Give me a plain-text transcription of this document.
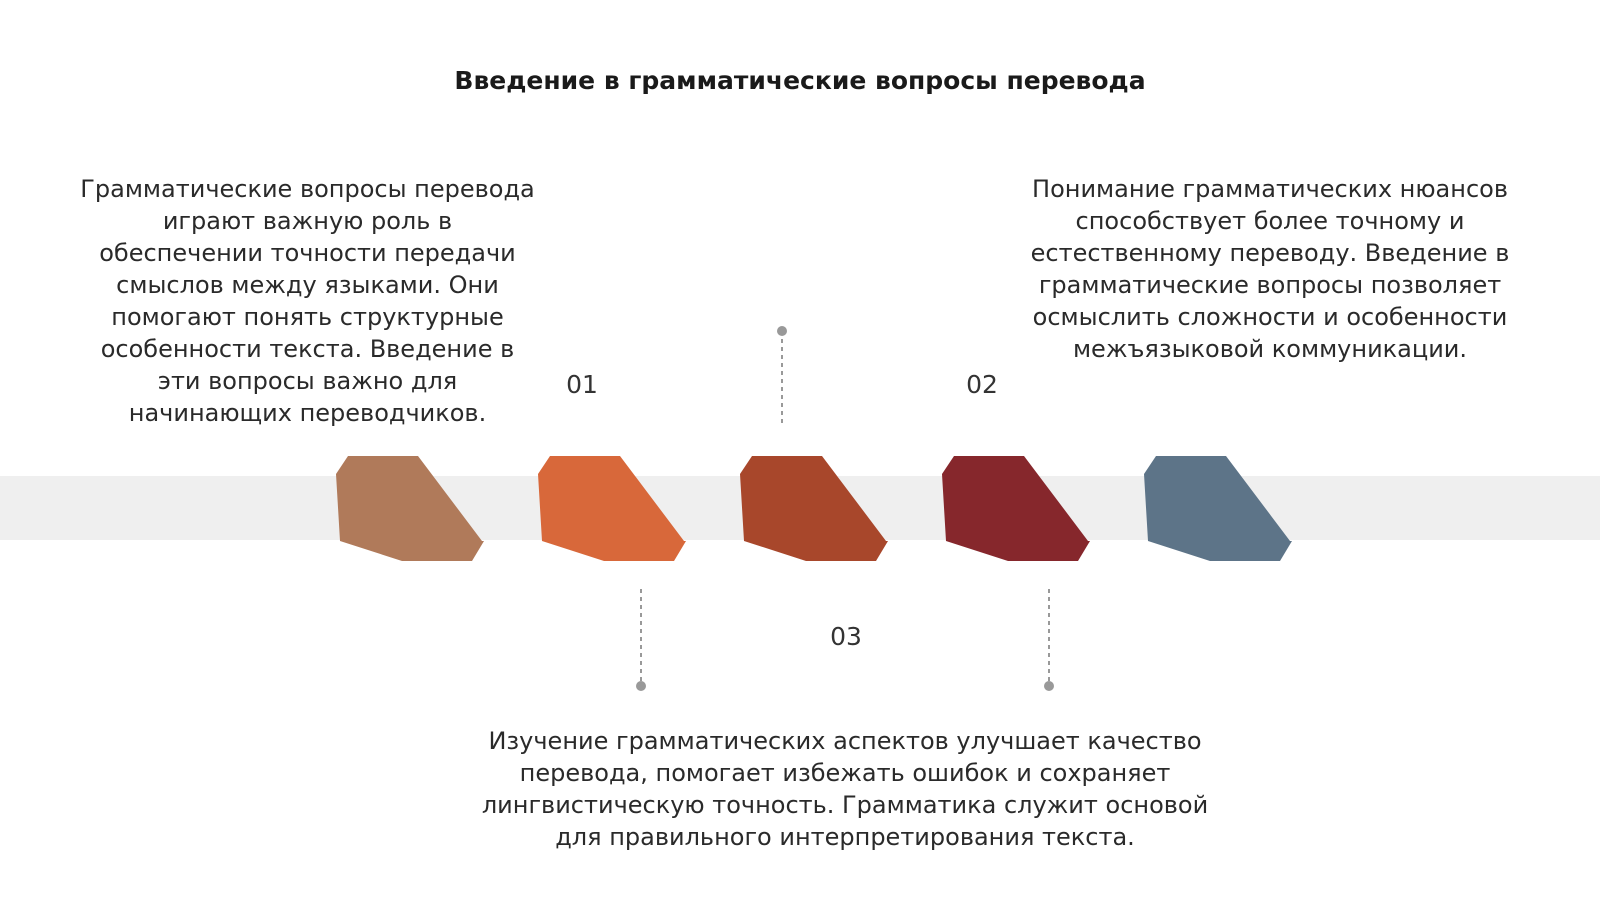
Введение в грамматические вопросы перевода

Грамматические вопросы перевода играют важную роль в обеспечении точности передачи смыслов между языками. Они помогают понять структурные особенности текста. Введение в эти вопросы важно для начинающих переводчиков.

Понимание грамматических нюансов способствует более точному и естественному переводу. Введение в грамматические вопросы позволяет осмыслить сложности и особенности межъязыковой коммуникации.

Изучение грамматических аспектов улучшает качество перевода, помогает избежать ошибок и сохраняет лингвистическую точность. Грамматика служит основой для правильного интерпретирования текста.

01	02
03
